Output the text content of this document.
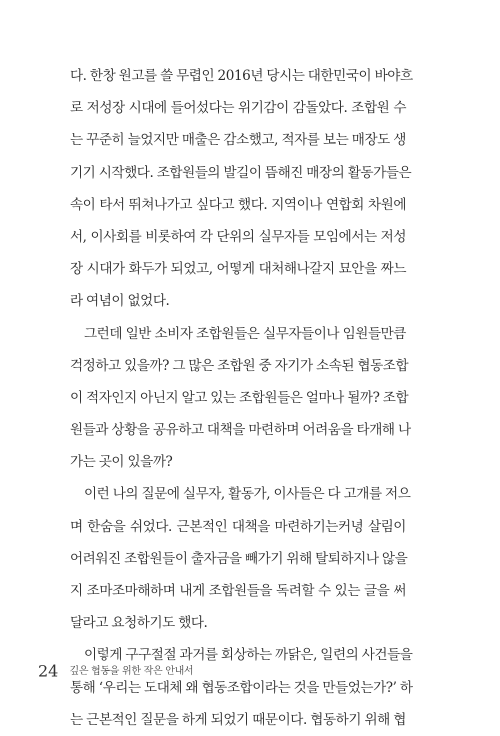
다. 한창 원고를 쓸 무렵인 2016년 당시는 대한민국이 바야흐
로 저성장 시대에 들어섰다는 위기감이 감돌았다. 조합원 수
는 꾸준히 늘었지만 매출은 감소했고, 적자를 보는 매장도 생
기기 시작했다. 조합원들의 발길이 뜸해진 매장의 활동가들은
속이 타서 뛰쳐나가고 싶다고 했다. 지역이나 연합회 차원에
서, 이사회를 비롯하여 각 단위의 실무자들 모임에서는 저성
장 시대가 화두가 되었고, 어떻게 대처해나갈지 묘안을 짜느
라 여념이 없었다.
그런데 일반 소비자 조합원들은 실무자들이나 임원들만큼
걱정하고 있을까? 그 많은 조합원 중 자기가 소속된 협동조합
이 적자인지 아닌지 알고 있는 조합원들은 얼마나 될까? 조합
원들과 상황을 공유하고 대책을 마련하며 어려움을 타개해 나
가는 곳이 있을까?
이런 나의 질문에 실무자, 활동가, 이사들은 다 고개를 저으
며 한숨을 쉬었다. 근본적인 대책을 마련하기는커녕 살림이
어려워진 조합원들이 출자금을 빼가기 위해 탈퇴하지나 않을
지 조마조마해하며 내게 조합원들을 독려할 수 있는 글을 써
달라고 요청하기도 했다.
이렇게 구구절절 과거를 회상하는 까닭은, 일련의 사건들을
통해 ‘우리는 도대체 왜 협동조합이라는 것을 만들었는가?’ 하
는 근본적인 질문을 하게 되었기 때문이다. 협동하기 위해 협
24 깊은 협동을 위한 작은 안내서
